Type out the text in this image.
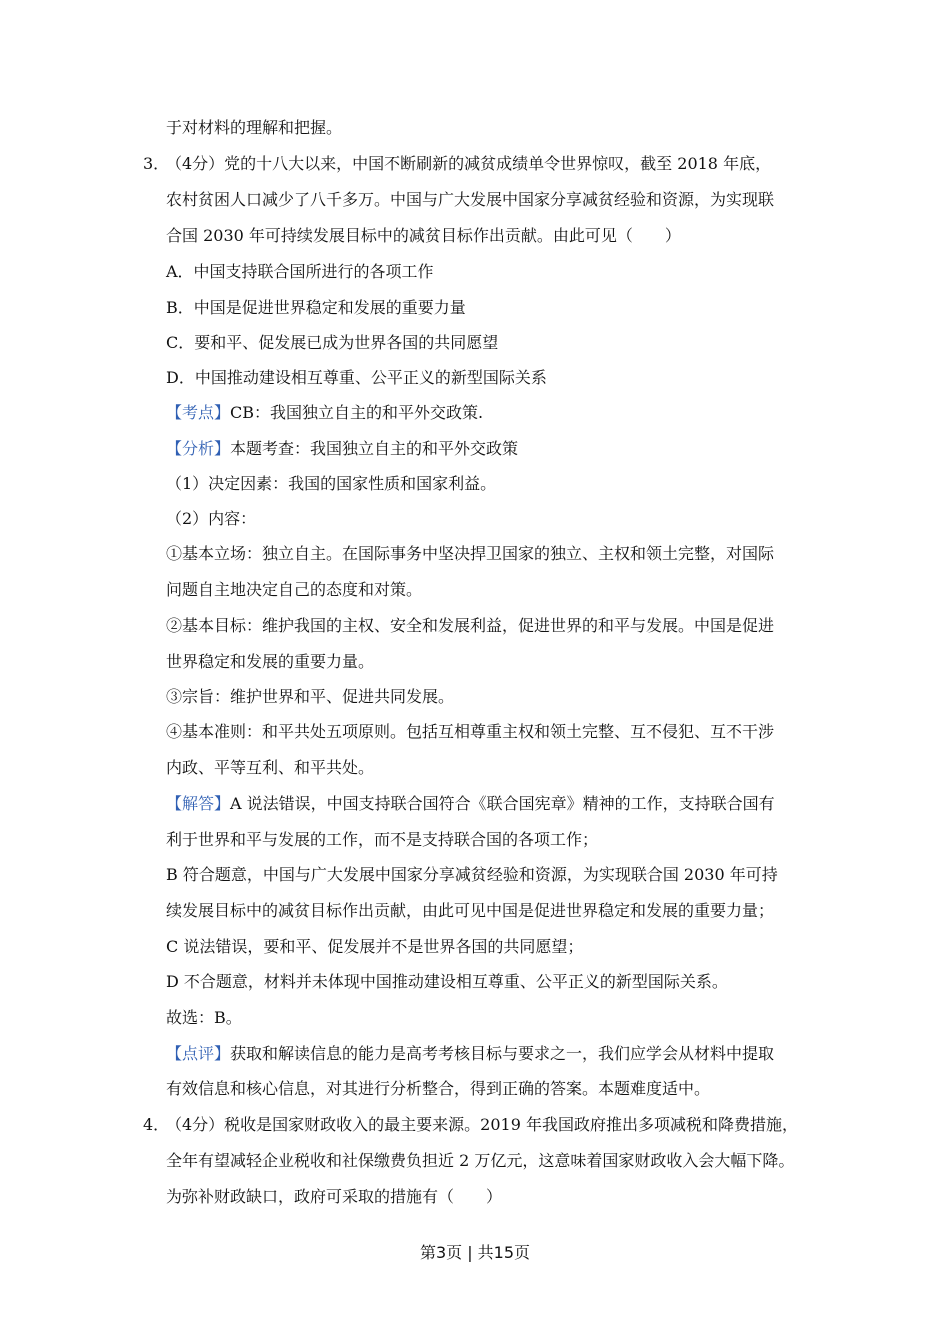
于对材料的理解和把握。
3．
（4分）党的十八大以来，中国不断刷新的减贫成绩单令世界惊叹，截至 2018 年底，
农村贫困人口减少了八千多万。中国与广大发展中国家分享减贫经验和资源，为实现联
合国 2030 年可持续发展目标中的减贫目标作出贡献。由此可见（　　）
A．中国支持联合国所进行的各项工作
B．中国是促进世界稳定和发展的重要力量
C．要和平、促发展已成为世界各国的共同愿望
D．中国推动建设相互尊重、公平正义的新型国际关系
【考点】CB：我国独立自主的和平外交政策.
【分析】本题考查：我国独立自主的和平外交政策
（1）决定因素：我国的国家性质和国家利益。
（2）内容：
①基本立场：独立自主。在国际事务中坚决捍卫国家的独立、主权和领土完整，对国际
问题自主地决定自己的态度和对策。
②基本目标：维护我国的主权、安全和发展利益，促进世界的和平与发展。中国是促进
世界稳定和发展的重要力量。
③宗旨：维护世界和平、促进共同发展。
④基本准则：和平共处五项原则。包括互相尊重主权和领土完整、互不侵犯、互不干涉
内政、平等互利、和平共处。
【解答】A 说法错误，中国支持联合国符合《联合国宪章》精神的工作，支持联合国有
利于世界和平与发展的工作，而不是支持联合国的各项工作；
B 符合题意，中国与广大发展中国家分享减贫经验和资源，为实现联合国 2030 年可持
续发展目标中的减贫目标作出贡献，由此可见中国是促进世界稳定和发展的重要力量；
C 说法错误，要和平、促发展并不是世界各国的共同愿望；
D 不合题意，材料并未体现中国推动建设相互尊重、公平正义的新型国际关系。
故选：B。
【点评】获取和解读信息的能力是高考考核目标与要求之一，我们应学会从材料中提取
有效信息和核心信息，对其进行分析整合，得到正确的答案。本题难度适中。
4．
（4分）税收是国家财政收入的最主要来源。2019 年我国政府推出多项减税和降费措施，
全年有望减轻企业税收和社保缴费负担近 2 万亿元，这意味着国家财政收入会大幅下降。
为弥补财政缺口，政府可采取的措施有（　　）
第3页 | 共15页
